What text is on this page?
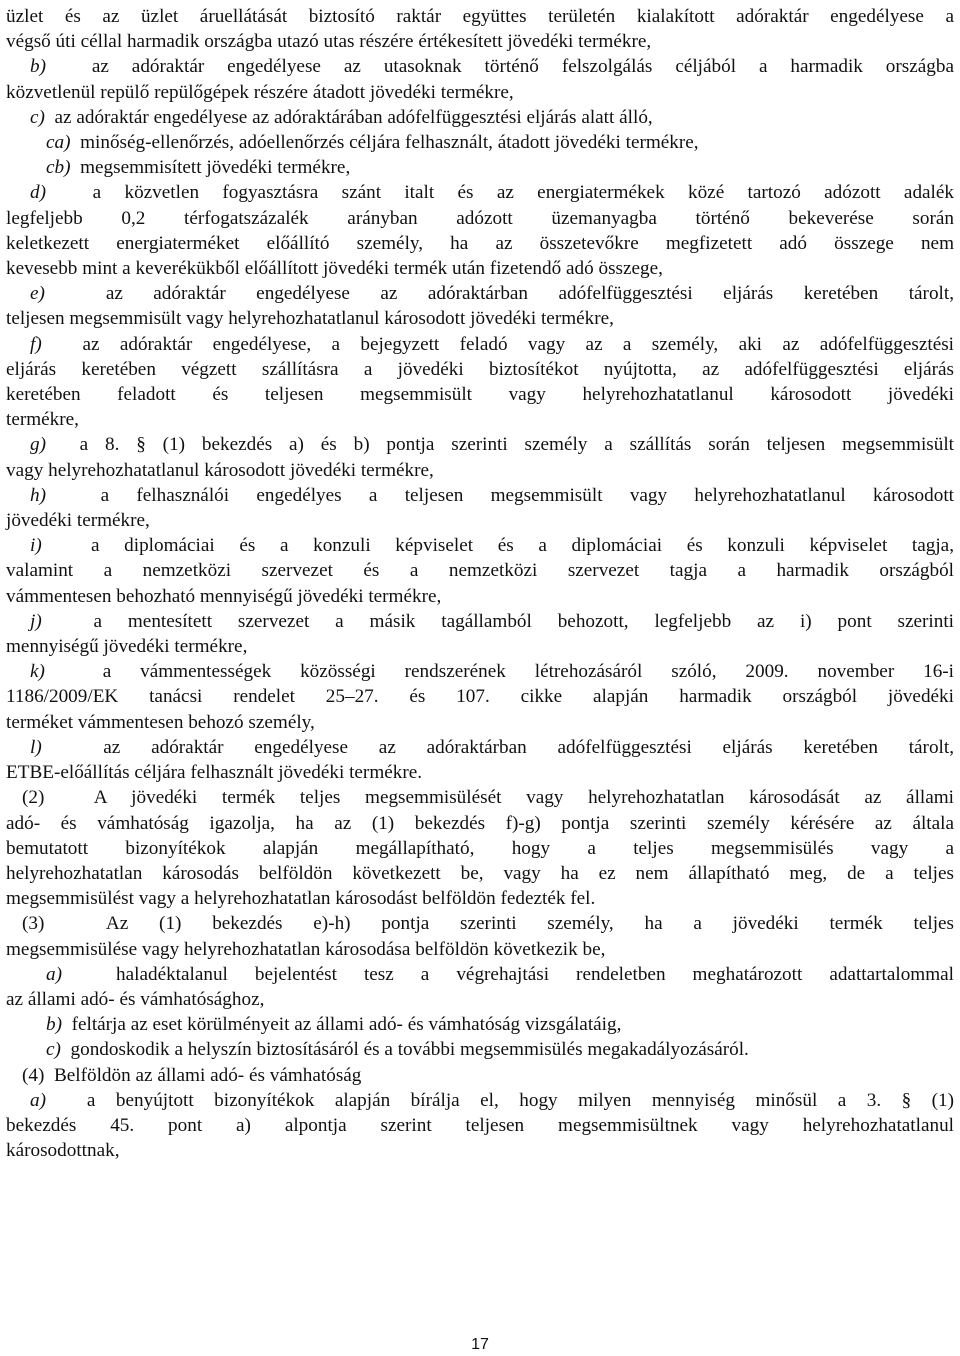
üzlet és az üzlet áruellátását biztosító raktár együttes területén kialakított adóraktár engedélyese a
végső úti céllal harmadik országba utazó utas részére értékesített jövedéki termékre,
b) az adóraktár engedélyese az utasoknak történő felszolgálás céljából a harmadik országba
közvetlenül repülő repülőgépek részére átadott jövedéki termékre,
c) az adóraktár engedélyese az adóraktárában adófelfüggesztési eljárás alatt álló,
ca) minőség-ellenőrzés, adóellenőrzés céljára felhasznált, átadott jövedéki termékre,
cb) megsemmisített jövedéki termékre,
d) a közvetlen fogyasztásra szánt italt és az energiatermékek közé tartozó adózott adalék
legfeljebb 0,2 térfogatszázalék arányban adózott üzemanyagba történő bekeverése során
keletkezett energiaterméket előállító személy, ha az összetevőkre megfizetett adó összege nem
kevesebb mint a keverékükből előállított jövedéki termék után fizetendő adó összege,
e)	az adóraktár engedélyese az adóraktárban adófelfüggesztési eljárás keretében tárolt,
teljesen megsemmisült vagy helyrehozhatatlanul károsodott jövedéki termékre,
f) az adóraktár engedélyese, a bejegyzett feladó vagy az a személy, aki az adófelfüggesztési
eljárás keretében végzett szállításra a jövedéki biztosítékot nyújtotta, az adófelfüggesztési eljárás
keretében feladott és teljesen megsemmisült vagy helyrehozhatatlanul károsodott jövedéki
termékre,
g) a 8. § (1) bekezdés a) és b) pontja szerinti személy a szállítás során teljesen megsemmisült
vagy helyrehozhatatlanul károsodott jövedéki termékre,
h)	a felhasználói engedélyes a teljesen megsemmisült vagy helyrehozhatatlanul károsodott
jövedéki termékre,
i)	a diplomáciai és a konzuli képviselet és a diplomáciai és konzuli képviselet tagja,
valamint a nemzetközi szervezet és a nemzetközi szervezet tagja a harmadik országból
vámmentesen behozható mennyiségű jövedéki termékre,
j)	a mentesített szervezet a másik tagállamból behozott, legfeljebb az i) pont szerinti
mennyiségű jövedéki termékre,
k)	a vámmentességek közösségi rendszerének létrehozásáról szóló, 2009. november 16-i
1186/2009/EK tanácsi rendelet 25–27. és 107. cikke alapján harmadik országból jövedéki
terméket vámmentesen behozó személy,
l)	az adóraktár engedélyese az adóraktárban adófelfüggesztési eljárás keretében tárolt,
ETBE-előállítás céljára felhasznált jövedéki termékre.
(2)	A jövedéki termék teljes megsemmisülését vagy helyrehozhatatlan károsodását az állami
adó- és vámhatóság igazolja, ha az (1) bekezdés f)-g) pontja szerinti személy kérésére az általa
bemutatott bizonyítékok alapján megállapítható, hogy a teljes megsemmisülés vagy a
helyrehozhatatlan károsodás belföldön következett be, vagy ha ez nem állapítható meg, de a teljes
megsemmisülést vagy a helyrehozhatatlan károsodást belföldön fedezték fel.
(3)	Az (1) bekezdés e)-h) pontja szerinti személy, ha a jövedéki termék teljes
megsemmisülése vagy helyrehozhatatlan károsodása belföldön következik be,
a)	haladéktalanul bejelentést tesz a végrehajtási rendeletben meghatározott adattartalommal
az állami adó- és vámhatósághoz,
b) feltárja az eset körülményeit az állami adó- és vámhatóság vizsgálatáig,
c) gondoskodik a helyszín biztosításáról és a további megsemmisülés megakadályozásáról.
(4) Belföldön az állami adó- és vámhatóság
a) a benyújtott bizonyítékok alapján bírálja el, hogy milyen mennyiség minősül a 3. § (1)
bekezdés 45. pont a) alpontja szerint teljesen megsemmisültnek vagy helyrehozhatatlanul
károsodottnak,
17
